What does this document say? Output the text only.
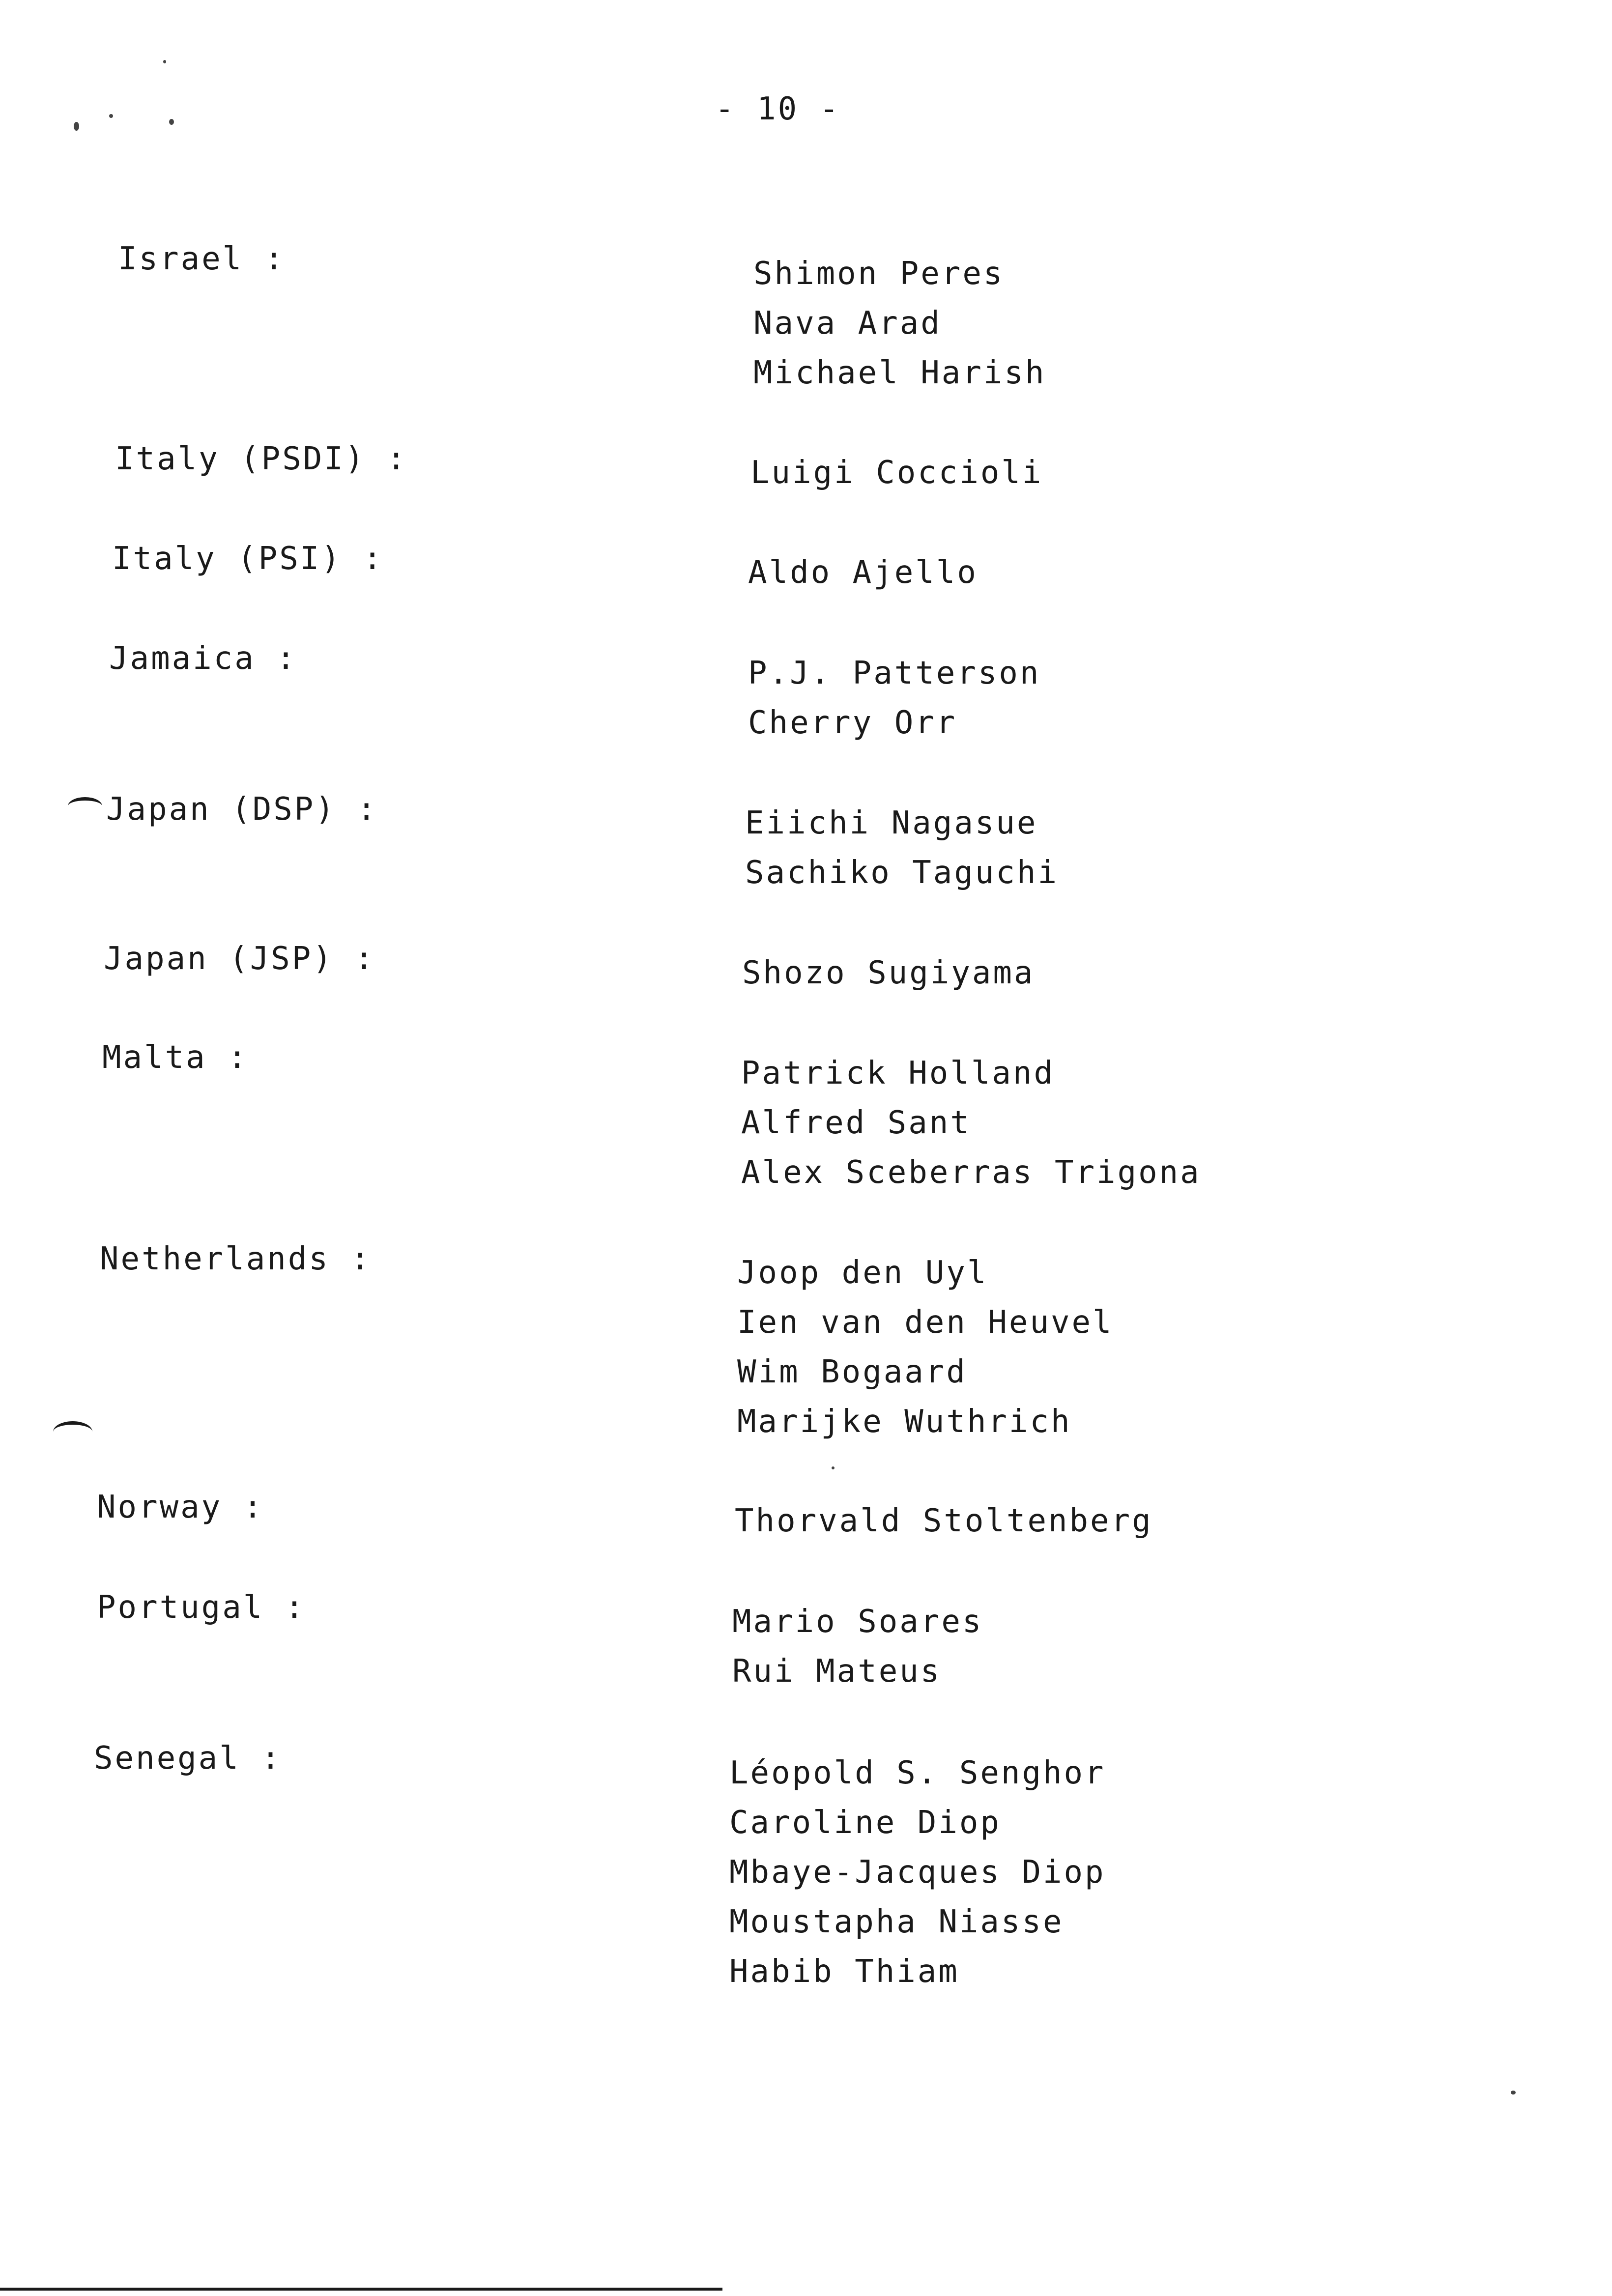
- 10 -
Israel :	Shimon Peres
Nava Arad
Michael Harish
Italy (PSDI) :	Luigi Coccioli
Italy (PSI) :	Aldo Ajello
Jamaica :	P.J. Patterson
Cherry Orr
Japan (DSP) :	Eiichi Nagasue
Sachiko Taguchi
Japan (JSP) :	Shozo Sugiyama
Malta :	Patrick Holland
Alfred Sant
Alex Sceberras Trigona
Netherlands :	Joop den Uyl
Ien van den Heuvel
Wim Bogaard
Marijke Wuthrich
Norway :	Thorvald Stoltenberg
Portugal :	Mario Soares
Rui Mateus
Senegal :	Léopold S. Senghor
Caroline Diop
Mbaye-Jacques Diop
Moustapha Niasse
Habib Thiam
